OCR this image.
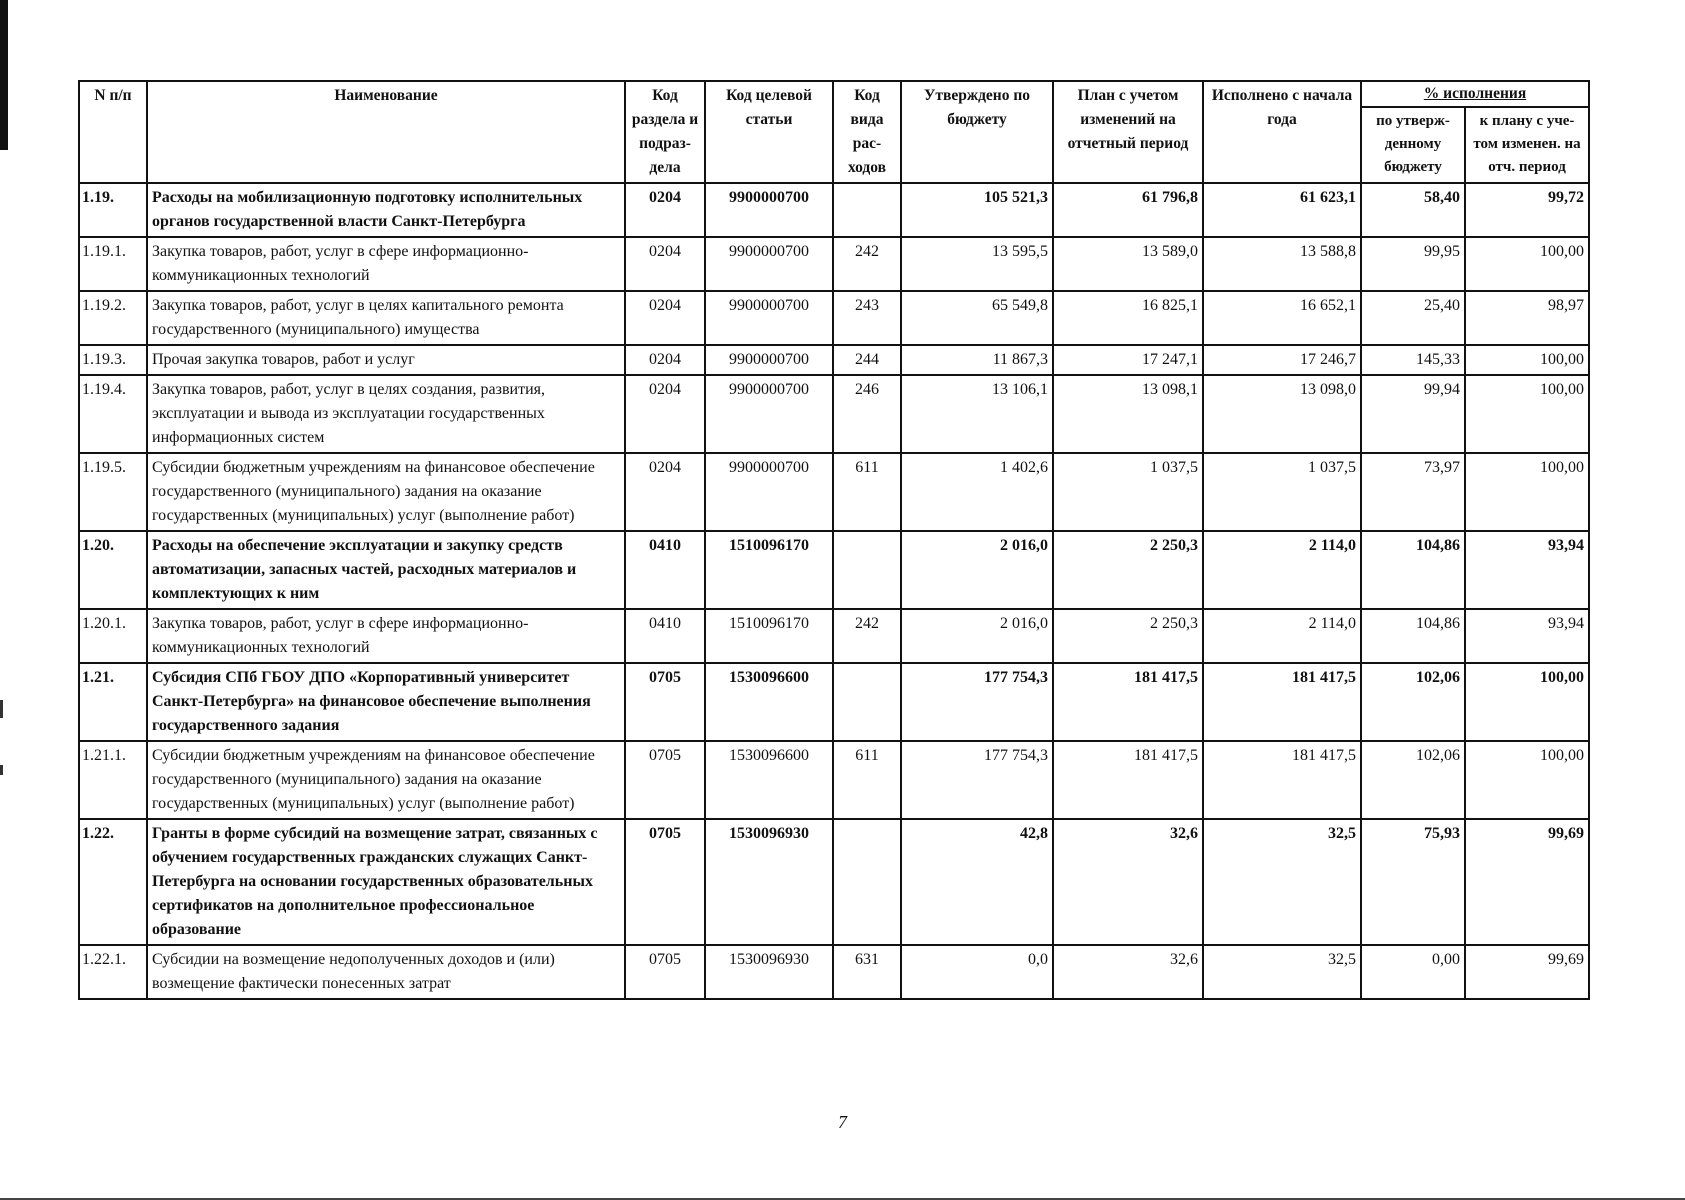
N п/п	Наименование	Код раздела и подраз- дела	Код целевой статьи	Код вида рас- ходов	Утверждено по бюджету	План с учетом изменений на отчетный период	Исполнено с начала года	% исполнения	
								по утверж- денному бюджету	к плану с уче- том изменен. на отч. период
1.19.	Расходы на мобилизационную подготовку исполнительных органов государственной власти Санкт-Петербурга	0204	9900000700		105 521,3	61 796,8	61 623,1	58,40	99,72
1.19.1.	Закупка товаров, работ, услуг в сфере информационно-коммуникационных технологий	0204	9900000700	242	13 595,5	13 589,0	13 588,8	99,95	100,00
1.19.2.	Закупка товаров, работ, услуг в целях капитального ремонта государственного (муниципального) имущества	0204	9900000700	243	65 549,8	16 825,1	16 652,1	25,40	98,97
1.19.3.	Прочая закупка товаров, работ и услуг	0204	9900000700	244	11 867,3	17 247,1	17 246,7	145,33	100,00
1.19.4.	Закупка товаров, работ, услуг в целях создания, развития, эксплуатации и вывода из эксплуатации государственных информационных систем	0204	9900000700	246	13 106,1	13 098,1	13 098,0	99,94	100,00
1.19.5.	Субсидии бюджетным учреждениям на финансовое обеспечение государственного (муниципального) задания на оказание государственных (муниципальных) услуг (выполнение работ)	0204	9900000700	611	1 402,6	1 037,5	1 037,5	73,97	100,00
1.20.	Расходы на обеспечение эксплуатации и закупку средств автоматизации, запасных частей, расходных материалов и комплектующих к ним	0410	1510096170		2 016,0	2 250,3	2 114,0	104,86	93,94
1.20.1.	Закупка товаров, работ, услуг в сфере информационно-коммуникационных технологий	0410	1510096170	242	2 016,0	2 250,3	2 114,0	104,86	93,94
1.21.	Субсидия СПб ГБОУ ДПО «Корпоративный университет Санкт-Петербурга» на финансовое обеспечение выполнения государственного задания	0705	1530096600		177 754,3	181 417,5	181 417,5	102,06	100,00
1.21.1.	Субсидии бюджетным учреждениям на финансовое обеспечение государственного (муниципального) задания на оказание государственных (муниципальных) услуг (выполнение работ)	0705	1530096600	611	177 754,3	181 417,5	181 417,5	102,06	100,00
1.22.	Гранты в форме субсидий на возмещение затрат, связанных с обучением государственных гражданских служащих Санкт-Петербурга на основании государственных образовательных сертификатов на дополнительное профессиональное образование	0705	1530096930		42,8	32,6	32,5	75,93	99,69
1.22.1.	Субсидии на возмещение недополученных доходов и (или) возмещение фактически понесенных затрат	0705	1530096930	631	0,0	32,6	32,5	0,00	99,69
7
